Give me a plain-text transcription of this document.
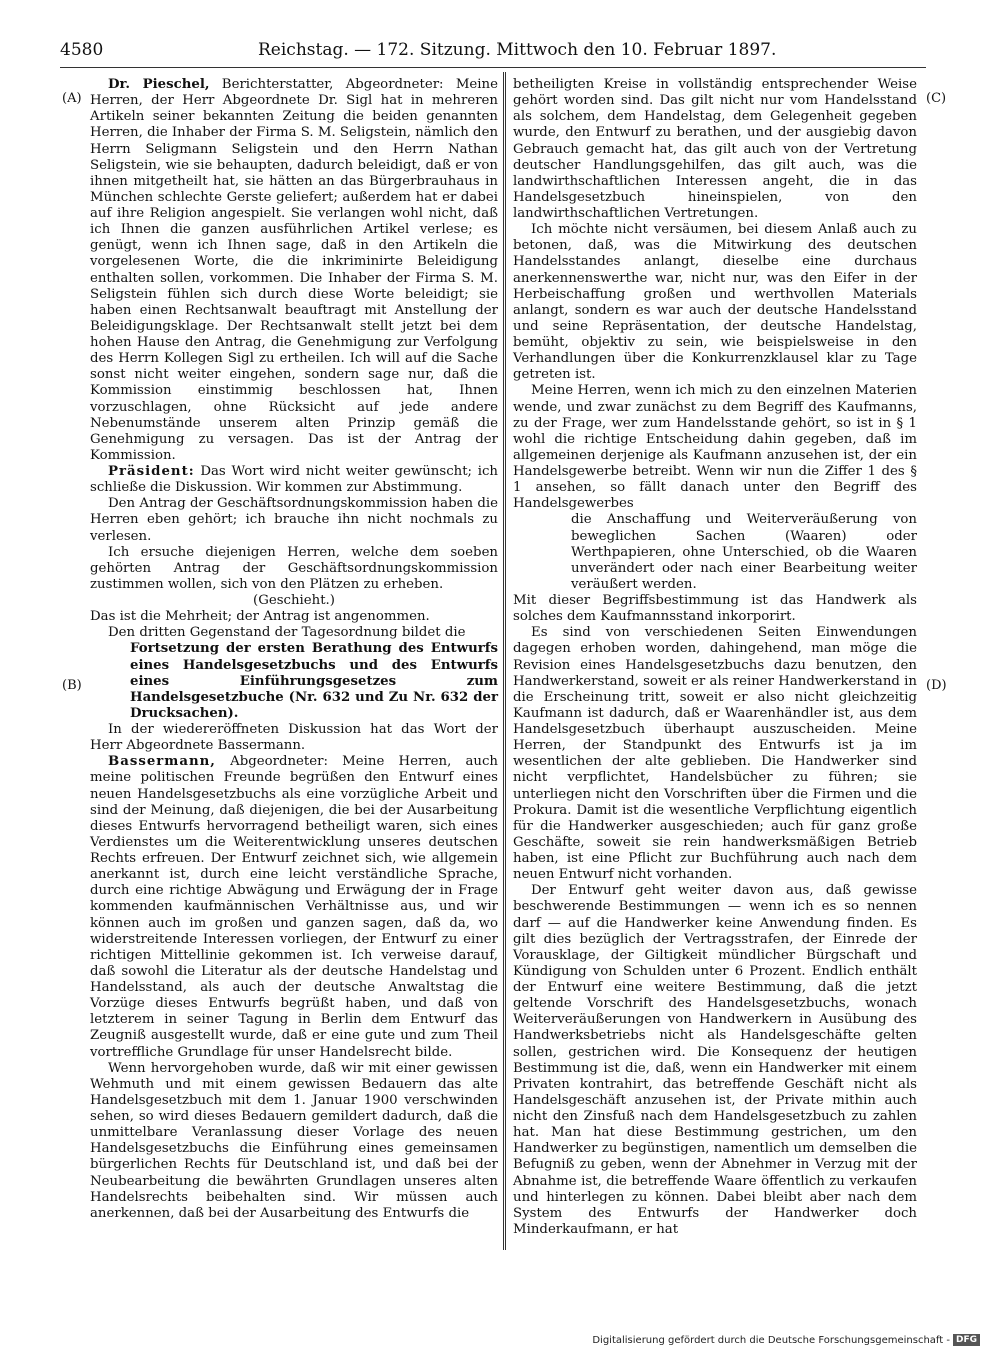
4580	Reichstag. — 172. Sitzung. Mittwoch den 10. Februar 1897.
(A)
(B)
(C)
(D)

Dr. Pieschel, Berichterstatter, Abgeordneter: Meine Herren, der Herr Abgeordnete Dr. Sigl hat in mehreren Artikeln seiner bekannten Zeitung die beiden genannten Herren, die Inhaber der Firma S. M. Seligstein, nämlich den Herrn Seligmann Seligstein und den Herrn Nathan Seligstein, wie sie behaupten, dadurch beleidigt, daß er von ihnen mitgetheilt hat, sie hätten an das Bürgerbrauhaus in München schlechte Gerste geliefert; außerdem hat er dabei auf ihre Religion angespielt. Sie verlangen wohl nicht, daß ich Ihnen die ganzen ausführlichen Artikel verlese; es genügt, wenn ich Ihnen sage, daß in den Artikeln die vorgelesenen Worte, die die inkriminirte Beleidigung enthalten sollen, vorkommen. Die Inhaber der Firma S. M. Seligstein fühlen sich durch diese Worte beleidigt; sie haben einen Rechtsanwalt beauftragt mit Anstellung der Beleidigungsklage. Der Rechtsanwalt stellt jetzt bei dem hohen Hause den Antrag, die Genehmigung zur Verfolgung des Herrn Kollegen Sigl zu ertheilen. Ich will auf die Sache sonst nicht weiter eingehen, sondern sage nur, daß die Kommission einstimmig beschlossen hat, Ihnen vorzuschlagen, ohne Rücksicht auf jede andere Nebenumstände unserem alten Prinzip gemäß die Genehmigung zu versagen. Das ist der Antrag der Kommission.

Präsident: Das Wort wird nicht weiter gewünscht; ich schließe die Diskussion. Wir kommen zur Abstimmung.

Den Antrag der Geschäftsordnungskommission haben die Herren eben gehört; ich brauche ihn nicht nochmals zu verlesen.

Ich ersuche diejenigen Herren, welche dem soeben gehörten Antrag der Geschäftsordnungskommission zustimmen wollen, sich von den Plätzen zu erheben.

(Geschieht.)

Das ist die Mehrheit; der Antrag ist angenommen.

Den dritten Gegenstand der Tagesordnung bildet die

Fortsetzung der ersten Berathung des Entwurfs eines Handelsgesetzbuchs und des Entwurfs eines Einführungsgesetzes zum Handelsgesetzbuche (Nr. 632 und Zu Nr. 632 der Drucksachen).

In der wiedereröffneten Diskussion hat das Wort der Herr Abgeordnete Bassermann.

Bassermann, Abgeordneter: Meine Herren, auch meine politischen Freunde begrüßen den Entwurf eines neuen Handelsgesetzbuchs als eine vorzügliche Arbeit und sind der Meinung, daß diejenigen, die bei der Ausarbeitung dieses Entwurfs hervorragend betheiligt waren, sich eines Verdienstes um die Weiterentwicklung unseres deutschen Rechts erfreuen. Der Entwurf zeichnet sich, wie allgemein anerkannt ist, durch eine leicht verständliche Sprache, durch eine richtige Abwägung und Erwägung der in Frage kommenden kaufmännischen Verhältnisse aus, und wir können auch im großen und ganzen sagen, daß da, wo widerstreitende Interessen vorliegen, der Entwurf zu einer richtigen Mittellinie gekommen ist. Ich verweise darauf, daß sowohl die Literatur als der deutsche Handelstag und Handelsstand, als auch der deutsche Anwaltstag die Vorzüge dieses Entwurfs begrüßt haben, und daß von letzterem in seiner Tagung in Berlin dem Entwurf das Zeugniß ausgestellt wurde, daß er eine gute und zum Theil vortreffliche Grundlage für unser Handelsrecht bilde.

Wenn hervorgehoben wurde, daß wir mit einer gewissen Wehmuth und mit einem gewissen Bedauern das alte Handelsgesetzbuch mit dem 1. Januar 1900 verschwinden sehen, so wird dieses Bedauern gemildert dadurch, daß die unmittelbare Veranlassung dieser Vorlage des neuen Handelsgesetzbuchs die Einführung eines gemeinsamen bürgerlichen Rechts für Deutschland ist, und daß bei der Neubearbeitung die bewährten Grundlagen unseres alten Handelsrechts beibehalten sind. Wir müssen auch anerkennen, daß bei der Ausarbeitung des Entwurfs die

betheiligten Kreise in vollständig entsprechender Weise gehört worden sind. Das gilt nicht nur vom Handelsstand als solchem, dem Handelstag, dem Gelegenheit gegeben wurde, den Entwurf zu berathen, und der ausgiebig davon Gebrauch gemacht hat, das gilt auch von der Vertretung deutscher Handlungsgehilfen, das gilt auch, was die landwirthschaftlichen Interessen angeht, die in das Handelsgesetzbuch hineinspielen, von den landwirthschaftlichen Vertretungen.

Ich möchte nicht versäumen, bei diesem Anlaß auch zu betonen, daß, was die Mitwirkung des deutschen Handelsstandes anlangt, dieselbe eine durchaus anerkennenswerthe war, nicht nur, was den Eifer in der Herbeischaffung großen und werthvollen Materials anlangt, sondern es war auch der deutsche Handelsstand und seine Repräsentation, der deutsche Handelstag, bemüht, objektiv zu sein, wie beispielsweise in den Verhandlungen über die Konkurrenzklausel klar zu Tage getreten ist.

Meine Herren, wenn ich mich zu den einzelnen Materien wende, und zwar zunächst zu dem Begriff des Kaufmanns, zu der Frage, wer zum Handelsstande gehört, so ist in § 1 wohl die richtige Entscheidung dahin gegeben, daß im allgemeinen derjenige als Kaufmann anzusehen ist, der ein Handelsgewerbe betreibt. Wenn wir nun die Ziffer 1 des § 1 ansehen, so fällt danach unter den Begriff des Handelsgewerbes

die Anschaffung und Weiterveräußerung von beweglichen Sachen (Waaren) oder Werthpapieren, ohne Unterschied, ob die Waaren unverändert oder nach einer Bearbeitung weiter veräußert werden.

Mit dieser Begriffsbestimmung ist das Handwerk als solches dem Kaufmannsstand inkorporirt.

Es sind von verschiedenen Seiten Einwendungen dagegen erhoben worden, dahingehend, man möge die Revision eines Handelsgesetzbuchs dazu benutzen, den Handwerkerstand, soweit er als reiner Handwerkerstand in die Erscheinung tritt, soweit er also nicht gleichzeitig Kaufmann ist dadurch, daß er Waarenhändler ist, aus dem Handelsgesetzbuch überhaupt auszuscheiden. Meine Herren, der Standpunkt des Entwurfs ist ja im wesentlichen der alte geblieben. Die Handwerker sind nicht verpflichtet, Handelsbücher zu führen; sie unterliegen nicht den Vorschriften über die Firmen und die Prokura. Damit ist die wesentliche Verpflichtung eigentlich für die Handwerker ausgeschieden; auch für ganz große Geschäfte, soweit sie rein handwerksmäßigen Betrieb haben, ist eine Pflicht zur Buchführung auch nach dem neuen Entwurf nicht vorhanden.

Der Entwurf geht weiter davon aus, daß gewisse beschwerende Bestimmungen — wenn ich es so nennen darf — auf die Handwerker keine Anwendung finden. Es gilt dies bezüglich der Vertragsstrafen, der Einrede der Vorausklage, der Giltigkeit mündlicher Bürgschaft und Kündigung von Schulden unter 6 Prozent. Endlich enthält der Entwurf eine weitere Bestimmung, daß die jetzt geltende Vorschrift des Handelsgesetzbuchs, wonach Weiterveräußerungen von Handwerkern in Ausübung des Handwerksbetriebs nicht als Handelsgeschäfte gelten sollen, gestrichen wird. Die Konsequenz der heutigen Bestimmung ist die, daß, wenn ein Handwerker mit einem Privaten kontrahirt, das betreffende Geschäft nicht als Handelsgeschäft anzusehen ist, der Private mithin auch nicht den Zinsfuß nach dem Handelsgesetzbuch zu zahlen hat. Man hat diese Bestimmung gestrichen, um den Handwerker zu begünstigen, namentlich um demselben die Befugniß zu geben, wenn der Abnehmer in Verzug mit der Abnahme ist, die betreffende Waare öffentlich zu verkaufen und hinterlegen zu können. Dabei bleibt aber nach dem System des Entwurfs der Handwerker doch Minderkaufmann, er hat

Digitalisierung gefördert durch die Deutsche Forschungsgemeinschaft - DFG
